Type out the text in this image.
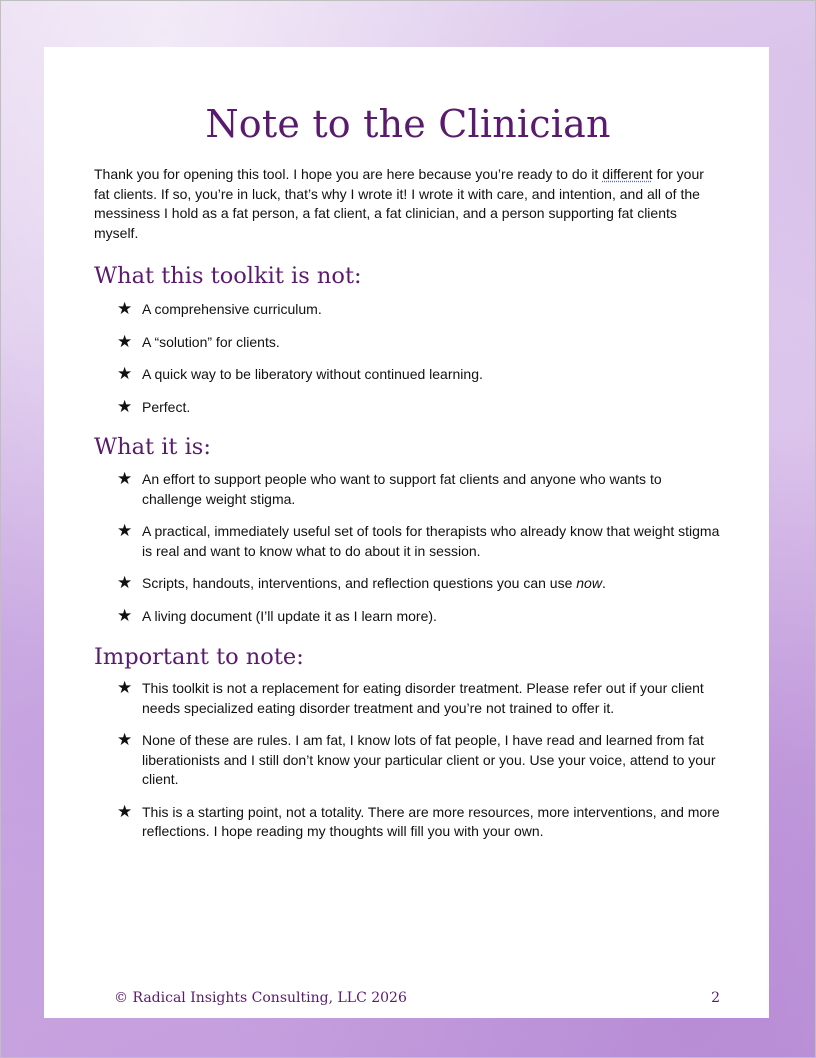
Note to the Clinician

Thank you for opening this tool. I hope you are here because you’re ready to do it different for your fat clients. If so, you’re in luck, that’s why I wrote it! I wrote it with care, and intention, and all of the messiness I hold as a fat person, a fat client, a fat clinician, and a person supporting fat clients myself.

What this toolkit is not:
★ A comprehensive curriculum.
★ A “solution” for clients.
★ A quick way to be liberatory without continued learning.
★ Perfect.
What it is:
★ An effort to support people who want to support fat clients and anyone who wants to challenge weight stigma.
★ A practical, immediately useful set of tools for therapists who already know that weight stigma is real and want to know what to do about it in session.
★ Scripts, handouts, interventions, and reflection questions you can use now.
★ A living document (I’ll update it as I learn more).
Important to note:
★ This toolkit is not a replacement for eating disorder treatment. Please refer out if your client needs specialized eating disorder treatment and you’re not trained to offer it.
★ None of these are rules. I am fat, I know lots of fat people, I have read and learned from fat liberationists and I still don’t know your particular client or you. Use your voice, attend to your client.
★ This is a starting point, not a totality. There are more resources, more interventions, and more reflections. I hope reading my thoughts will fill you with your own.

© Radical Insights Consulting, LLC 2026	2
